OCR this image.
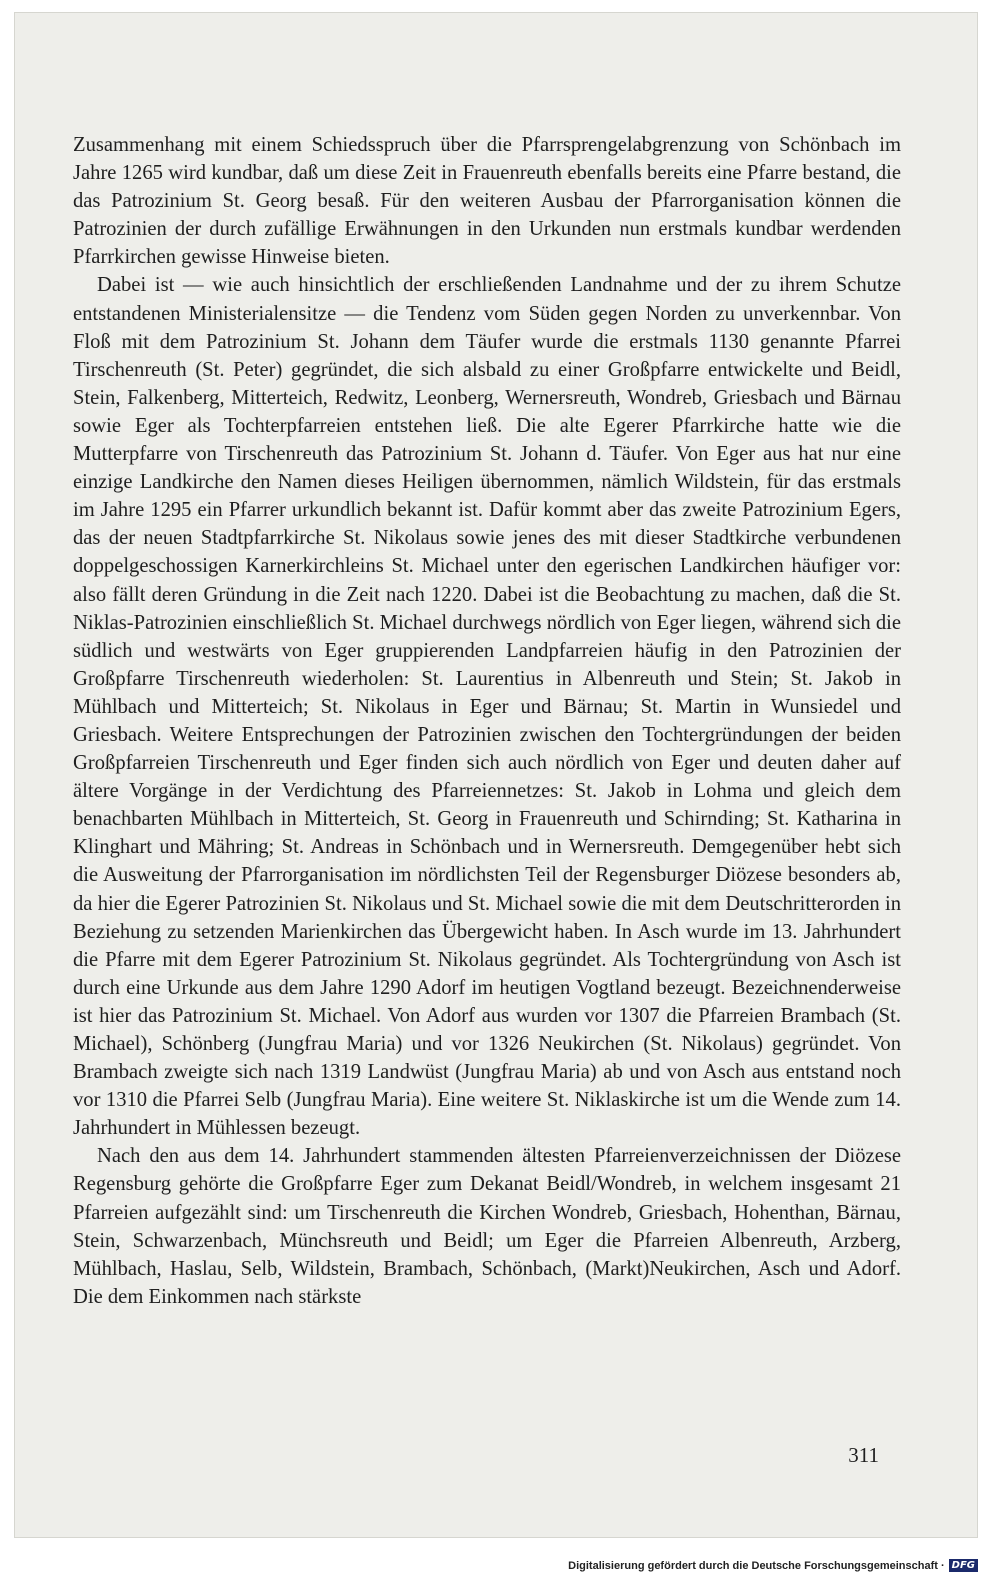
Zusammenhang mit einem Schiedsspruch über die Pfarrsprengelabgrenzung von Schönbach im Jahre 1265 wird kundbar, daß um diese Zeit in Frauenreuth ebenfalls bereits eine Pfarre bestand, die das Patrozinium St. Georg besaß. Für den weiteren Ausbau der Pfarrorganisation können die Patrozinien der durch zufällige Erwähnungen in den Urkunden nun erstmals kundbar werdenden Pfarrkirchen gewisse Hinweise bieten.

Dabei ist — wie auch hinsichtlich der erschließenden Landnahme und der zu ihrem Schutze entstandenen Ministerialensitze — die Tendenz vom Süden gegen Norden zu unverkennbar. Von Floß mit dem Patrozinium St. Johann dem Täufer wurde die erstmals 1130 genannte Pfarrei Tirschenreuth (St. Peter) gegründet, die sich alsbald zu einer Großpfarre entwickelte und Beidl, Stein, Falkenberg, Mitterteich, Redwitz, Leonberg, Wernersreuth, Wondreb, Griesbach und Bärnau sowie Eger als Tochterpfarreien entstehen ließ. Die alte Egerer Pfarrkirche hatte wie die Mutterpfarre von Tirschenreuth das Patrozinium St. Johann d. Täufer. Von Eger aus hat nur eine einzige Landkirche den Namen dieses Heiligen übernommen, nämlich Wildstein, für das erstmals im Jahre 1295 ein Pfarrer urkundlich bekannt ist. Dafür kommt aber das zweite Patrozinium Egers, das der neuen Stadtpfarrkirche St. Nikolaus sowie jenes des mit dieser Stadtkirche verbundenen doppelgeschossigen Karnerkirchleins St. Michael unter den egerischen Landkirchen häufiger vor: also fällt deren Gründung in die Zeit nach 1220. Dabei ist die Beobachtung zu machen, daß die St. Niklas-Patrozinien einschließlich St. Michael durchwegs nördlich von Eger liegen, während sich die südlich und westwärts von Eger gruppierenden Landpfarreien häufig in den Patrozinien der Großpfarre Tirschenreuth wiederholen: St. Laurentius in Albenreuth und Stein; St. Jakob in Mühlbach und Mitterteich; St. Nikolaus in Eger und Bärnau; St. Martin in Wunsiedel und Griesbach. Weitere Entsprechungen der Patrozinien zwischen den Tochtergründungen der beiden Großpfarreien Tirschenreuth und Eger finden sich auch nördlich von Eger und deuten daher auf ältere Vorgänge in der Verdichtung des Pfarreiennetzes: St. Jakob in Lohma und gleich dem benachbarten Mühlbach in Mitterteich, St. Georg in Frauenreuth und Schirnding; St. Katharina in Klinghart und Mähring; St. Andreas in Schönbach und in Wernersreuth. Demgegenüber hebt sich die Ausweitung der Pfarrorganisation im nördlichsten Teil der Regensburger Diözese besonders ab, da hier die Egerer Patrozinien St. Nikolaus und St. Michael sowie die mit dem Deutschritterorden in Beziehung zu setzenden Marienkirchen das Übergewicht haben. In Asch wurde im 13. Jahrhundert die Pfarre mit dem Egerer Patrozinium St. Nikolaus gegründet. Als Tochtergründung von Asch ist durch eine Urkunde aus dem Jahre 1290 Adorf im heutigen Vogtland bezeugt. Bezeichnenderweise ist hier das Patrozinium St. Michael. Von Adorf aus wurden vor 1307 die Pfarreien Brambach (St. Michael), Schönberg (Jungfrau Maria) und vor 1326 Neukirchen (St. Nikolaus) gegründet. Von Brambach zweigte sich nach 1319 Landwüst (Jungfrau Maria) ab und von Asch aus entstand noch vor 1310 die Pfarrei Selb (Jungfrau Maria). Eine weitere St. Niklaskirche ist um die Wende zum 14. Jahrhundert in Mühlessen bezeugt.

Nach den aus dem 14. Jahrhundert stammenden ältesten Pfarreienverzeichnissen der Diözese Regensburg gehörte die Großpfarre Eger zum Dekanat Beidl/Wondreb, in welchem insgesamt 21 Pfarreien aufgezählt sind: um Tirschenreuth die Kirchen Wondreb, Griesbach, Hohenthan, Bärnau, Stein, Schwarzenbach, Münchsreuth und Beidl; um Eger die Pfarreien Albenreuth, Arzberg, Mühlbach, Haslau, Selb, Wildstein, Brambach, Schönbach, (Markt)Neukirchen, Asch und Adorf. Die dem Einkommen nach stärkste

311
Digitalisierung gefördert durch die Deutsche Forschungsgemeinschaft · DFG
